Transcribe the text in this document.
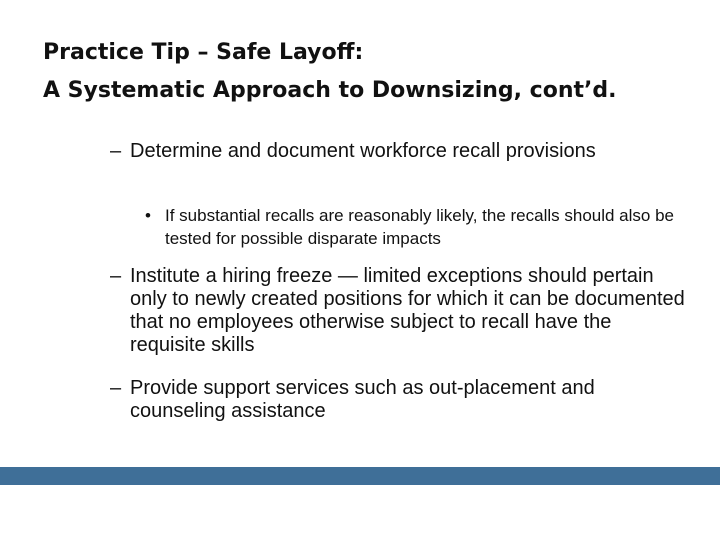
Practice Tip – Safe Layoff:
A Systematic Approach to Downsizing, cont’d.
– Determine and document workforce recall provisions
• If substantial recalls are reasonably likely, the recalls should also be tested for possible disparate impacts
– Institute a hiring freeze — limited exceptions should pertain only to newly created positions for which it can be documented that no employees otherwise subject to recall have the requisite skills
– Provide support services such as out-placement and counseling assistance
